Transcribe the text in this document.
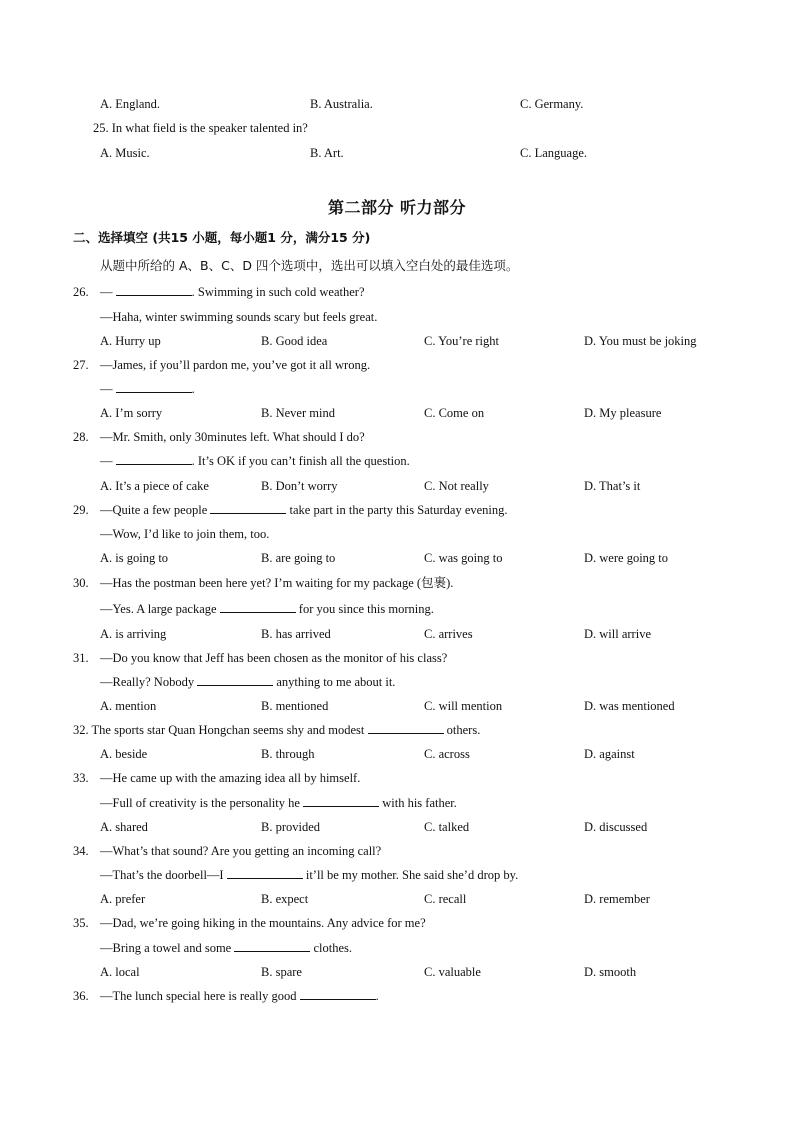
A. England.	B. Australia.	C. Germany.
25. In what field is the speaker talented in?
A. Music.	B. Art.	C. Language.
第二部分 听力部分
二、选择填空 (共15 小题，每小题1 分，满分15 分)
从题中所给的 A、B、C、D 四个选项中，选出可以填入空白处的最佳选项。
26. —	. Swimming in such cold weather?
—Haha, winter swimming sounds scary but feels great.
A. Hurry up	B. Good idea	C. You’re right	D. You must be joking
27. —James, if you’ll pardon me, you’ve got it all wrong.
—	.
A. I’m sorry	B. Never mind	C. Come on	D. My pleasure
28. —Mr. Smith, only 30minutes left. What should I do?
—	. It’s OK if you can’t finish all the question.
A. It’s a piece of cake	B. Don’t worry	C. Not really	D. That’s it
29. —Quite a few people	take part in the party this Saturday evening.
—Wow, I’d like to join them, too.
A. is going to	B. are going to	C. was going to	D. were going to
30. —Has the postman been here yet? I’m waiting for my package (包裹).
—Yes. A large package	for you since this morning.
A. is arriving	B. has arrived	C. arrives	D. will arrive
31. —Do you know that Jeff has been chosen as the monitor of his class?
—Really? Nobody	anything to me about it.
A. mention	B. mentioned	C. will mention	D. was mentioned
32. The sports star Quan Hongchan seems shy and modest	others.
A. beside	B. through	C. across	D. against
33. —He came up with the amazing idea all by himself.
—Full of creativity is the personality he	with his father.
A. shared	B. provided	C. talked	D. discussed
34. —What’s that sound? Are you getting an incoming call?
—That’s the doorbell—I	it’ll be my mother. She said she’d drop by.
A. prefer	B. expect	C. recall	D. remember
35. —Dad, we’re going hiking in the mountains. Any advice for me?
—Bring a towel and some	clothes.
A. local	B. spare	C. valuable	D. smooth
36. —The lunch special here is really good	.
